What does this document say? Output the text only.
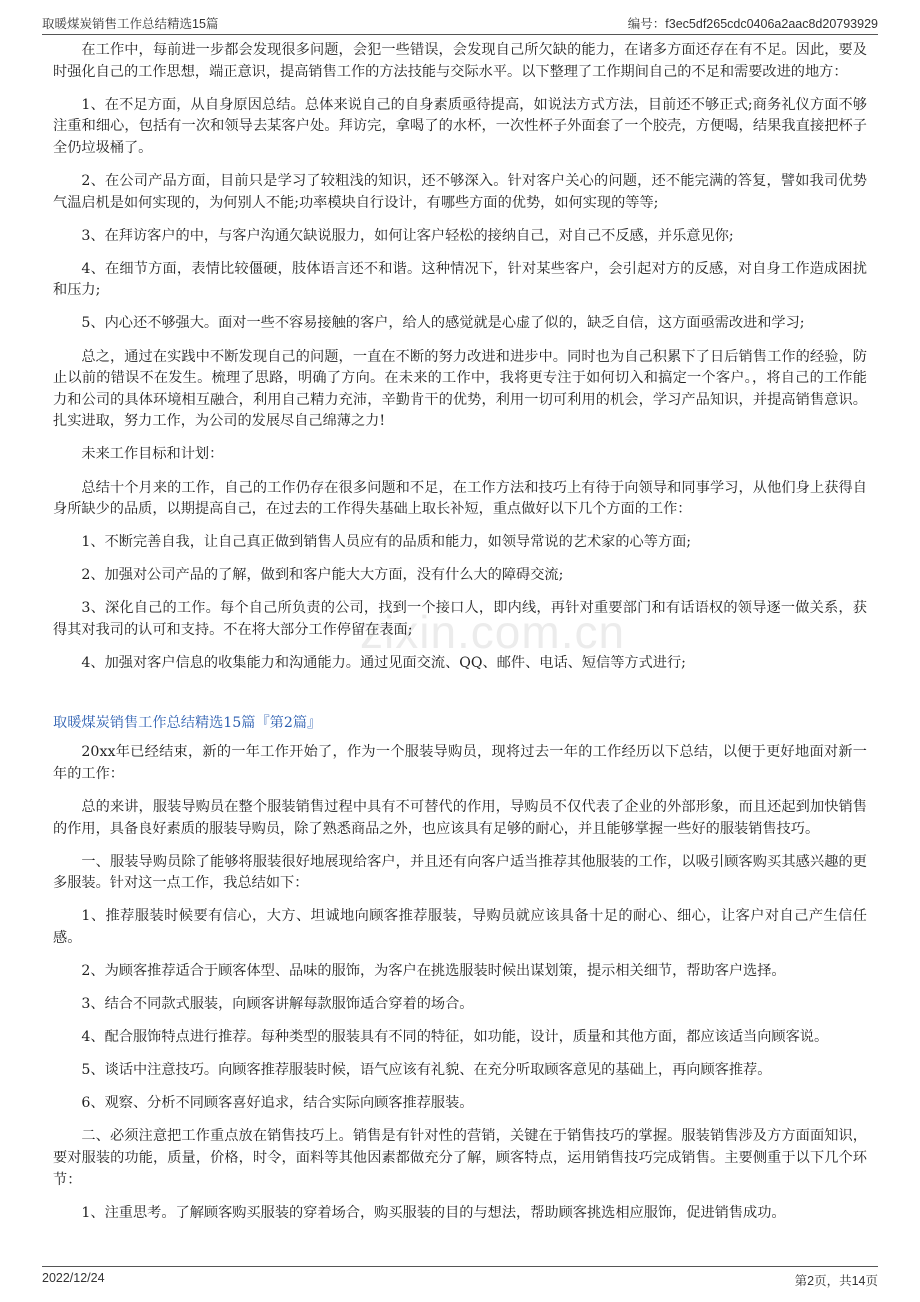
取暖煤炭销售工作总结精选15篇	编号：f3ec5df265cdc0406a2aac8d20793929
zixin.com.cn

在工作中，每前进一步都会发现很多问题，会犯一些错误，会发现自己所欠缺的能力，在诸多方面还存在有不足。因此，要及时强化自己的工作思想，端正意识，提高销售工作的方法技能与交际水平。以下整理了工作期间自己的不足和需要改进的地方：

1、在不足方面，从自身原因总结。总体来说自己的自身素质亟待提高，如说法方式方法，目前还不够正式;商务礼仪方面不够注重和细心，包括有一次和领导去某客户处。拜访完，拿喝了的水杯，一次性杯子外面套了一个胶壳，方便喝，结果我直接把杯子全仍垃圾桶了。

2、在公司产品方面，目前只是学习了较粗浅的知识，还不够深入。针对客户关心的问题，还不能完满的答复，譬如我司优势气温启机是如何实现的，为何别人不能;功率模块自行设计，有哪些方面的优势，如何实现的等等;

3、在拜访客户的中，与客户沟通欠缺说服力，如何让客户轻松的接纳自己，对自己不反感，并乐意见你;

4、在细节方面，表情比较僵硬，肢体语言还不和谐。这种情况下，针对某些客户，会引起对方的反感，对自身工作造成困扰和压力;

5、内心还不够强大。面对一些不容易接触的客户，给人的感觉就是心虚了似的，缺乏自信，这方面亟需改进和学习;

总之，通过在实践中不断发现自己的问题，一直在不断的努力改进和进步中。同时也为自己积累下了日后销售工作的经验，防止以前的错误不在发生。梳理了思路，明确了方向。在未来的工作中，我将更专注于如何切入和搞定一个客户。，将自己的工作能力和公司的具体环境相互融合，利用自己精力充沛，辛勤肯干的优势，利用一切可利用的机会，学习产品知识，并提高销售意识。扎实进取，努力工作，为公司的发展尽自己绵薄之力!

未来工作目标和计划：

总结十个月来的工作，自己的工作仍存在很多问题和不足，在工作方法和技巧上有待于向领导和同事学习，从他们身上获得自身所缺少的品质，以期提高自己，在过去的工作得失基础上取长补短，重点做好以下几个方面的工作：

1、不断完善自我，让自己真正做到销售人员应有的品质和能力，如领导常说的艺术家的心等方面;

2、加强对公司产品的了解，做到和客户能大大方面，没有什么大的障碍交流;

3、深化自己的工作。每个自己所负责的公司，找到一个接口人，即内线，再针对重要部门和有话语权的领导逐一做关系，获得其对我司的认可和支持。不在将大部分工作停留在表面;

4、加强对客户信息的收集能力和沟通能力。通过见面交流、QQ、邮件、电话、短信等方式进行;

取暖煤炭销售工作总结精选15篇『第2篇』

20xx年已经结束，新的一年工作开始了，作为一个服装导购员，现将过去一年的工作经历以下总结，以便于更好地面对新一年的工作：

总的来讲，服装导购员在整个服装销售过程中具有不可替代的作用，导购员不仅代表了企业的外部形象，而且还起到加快销售的作用，具备良好素质的服装导购员，除了熟悉商品之外，也应该具有足够的耐心，并且能够掌握一些好的服装销售技巧。

一、服装导购员除了能够将服装很好地展现给客户，并且还有向客户适当推荐其他服装的工作，以吸引顾客购买其感兴趣的更多服装。针对这一点工作，我总结如下：

1、推荐服装时候要有信心，大方、坦诚地向顾客推荐服装，导购员就应该具备十足的耐心、细心，让客户对自己产生信任感。

2、为顾客推荐适合于顾客体型、品味的服饰，为客户在挑选服装时候出谋划策，提示相关细节，帮助客户选择。

3、结合不同款式服装，向顾客讲解每款服饰适合穿着的场合。

4、配合服饰特点进行推荐。每种类型的服装具有不同的特征，如功能，设计，质量和其他方面，都应该适当向顾客说。

5、谈话中注意技巧。向顾客推荐服装时候，语气应该有礼貌、在充分听取顾客意见的基础上，再向顾客推荐。

6、观察、分析不同顾客喜好追求，结合实际向顾客推荐服装。

二、必须注意把工作重点放在销售技巧上。销售是有针对性的营销，关键在于销售技巧的掌握。服装销售涉及方方面面知识，要对服装的功能，质量，价格，时令，面料等其他因素都做充分了解，顾客特点，运用销售技巧完成销售。主要侧重于以下几个环节：

1、注重思考。了解顾客购买服装的穿着场合，购买服装的目的与想法，帮助顾客挑选相应服饰，促进销售成功。

2022/12/24	第2页，共14页
